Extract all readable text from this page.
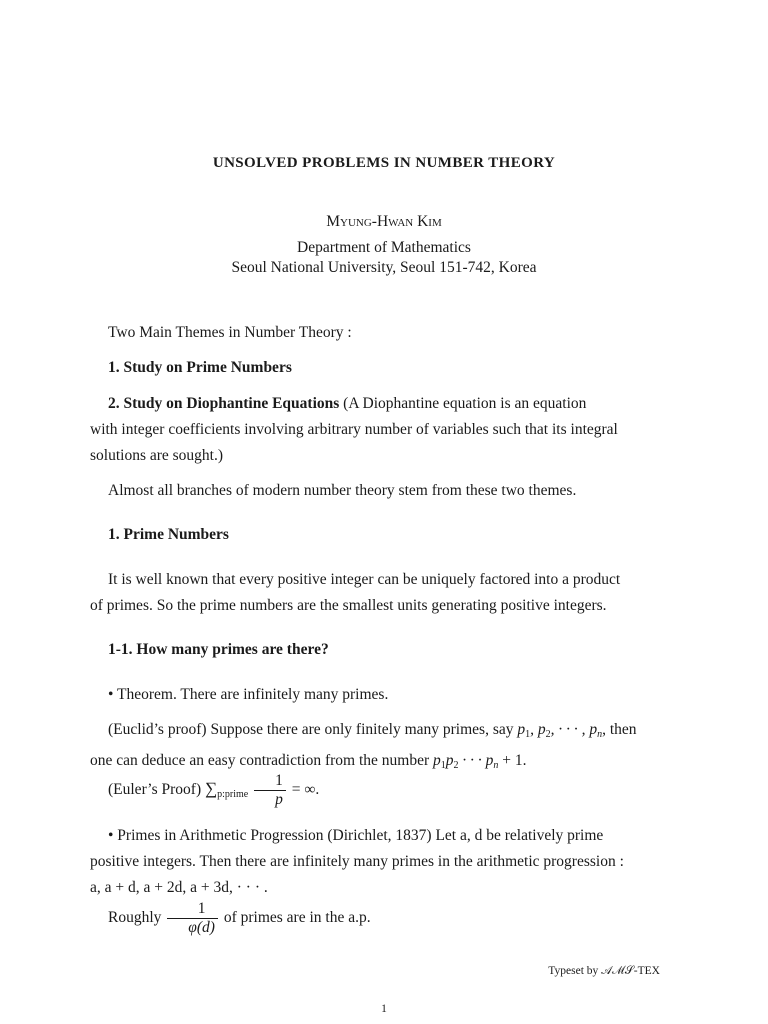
UNSOLVED PROBLEMS IN NUMBER THEORY
Myung-Hwan Kim
Department of Mathematics
Seoul National University, Seoul 151-742, Korea
Two Main Themes in Number Theory :
1. Study on Prime Numbers
2. Study on Diophantine Equations (A Diophantine equation is an equation
with integer coefficients involving arbitrary number of variables such that its integral
solutions are sought.)
Almost all branches of modern number theory stem from these two themes.
1. Prime Numbers
It is well known that every positive integer can be uniquely factored into a product
of primes. So the prime numbers are the smallest units generating positive integers.
1-1. How many primes are there?
• Theorem. There are infinitely many primes.
(Euclid’s proof) Suppose there are only finitely many primes, say p1, p2, · · · , $p_n$, then
one can deduce an easy contradiction from the number p1p2 · · · $p_n + 1$.
(Euler’s Proof) ∑p:prime $\frac{1}{p}$ = ∞.
• Primes in Arithmetic Progression (Dirichlet, 1837) Let a, d be relatively prime
positive integers. Then there are infinitely many primes in the arithmetic progression :
a, a + d, a + 2d, a + 3d, · · · .
Roughly $\frac{1}{\varphi(d)}$ of primes are in the a.p.
Typeset by 𝒜ℳ𝒮-TEX
1
